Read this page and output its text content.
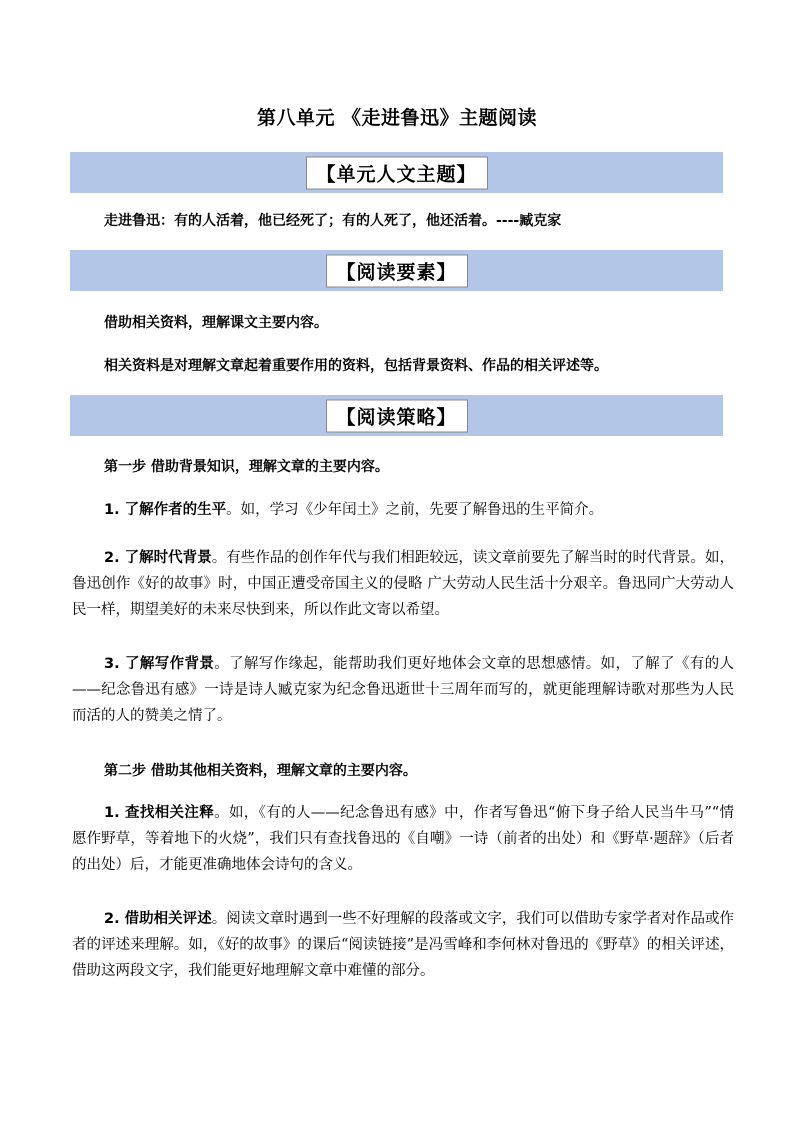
第八单元 《走进鲁迅》主题阅读
【单元人文主题】
走进鲁迅：有的人活着，他已经死了；有的人死了，他还活着。----臧克家
【阅读要素】
借助相关资料，理解课文主要内容。
相关资料是对理解文章起着重要作用的资料，包括背景资料、作品的相关评述等。
【阅读策略】
第一步 借助背景知识，理解文章的主要内容。
1. 了解作者的生平。如，学习《少年闰土》之前，先要了解鲁迅的生平简介。
2. 了解时代背景。有些作品的创作年代与我们相距较远，读文章前要先了解当时的时代背景。如，鲁迅创作《好的故事》时，中国正遭受帝国主义的侵略 广大劳动人民生活十分艰辛。鲁迅同广大劳动人民一样，期望美好的未来尽快到来，所以作此文寄以希望。
3. 了解写作背景。了解写作缘起，能帮助我们更好地体会文章的思想感情。如，了解了《有的人——纪念鲁迅有感》一诗是诗人臧克家为纪念鲁迅逝世十三周年而写的，就更能理解诗歌对那些为人民而活的人的赞美之情了。
第二步 借助其他相关资料，理解文章的主要内容。
1. 查找相关注释。如，《有的人——纪念鲁迅有感》中，作者写鲁迅“俯下身子给人民当牛马”“情愿作野草，等着地下的火烧”，我们只有查找鲁迅的《自嘲》一诗（前者的出处）和《野草·题辞》（后者的出处）后，才能更准确地体会诗句的含义。
2. 借助相关评述。阅读文章时遇到一些不好理解的段落或文字，我们可以借助专家学者对作品或作者的评述来理解。如，《好的故事》的课后“阅读链接”是冯雪峰和李何林对鲁迅的《野草》的相关评述，借助这两段文字，我们能更好地理解文章中难懂的部分。
